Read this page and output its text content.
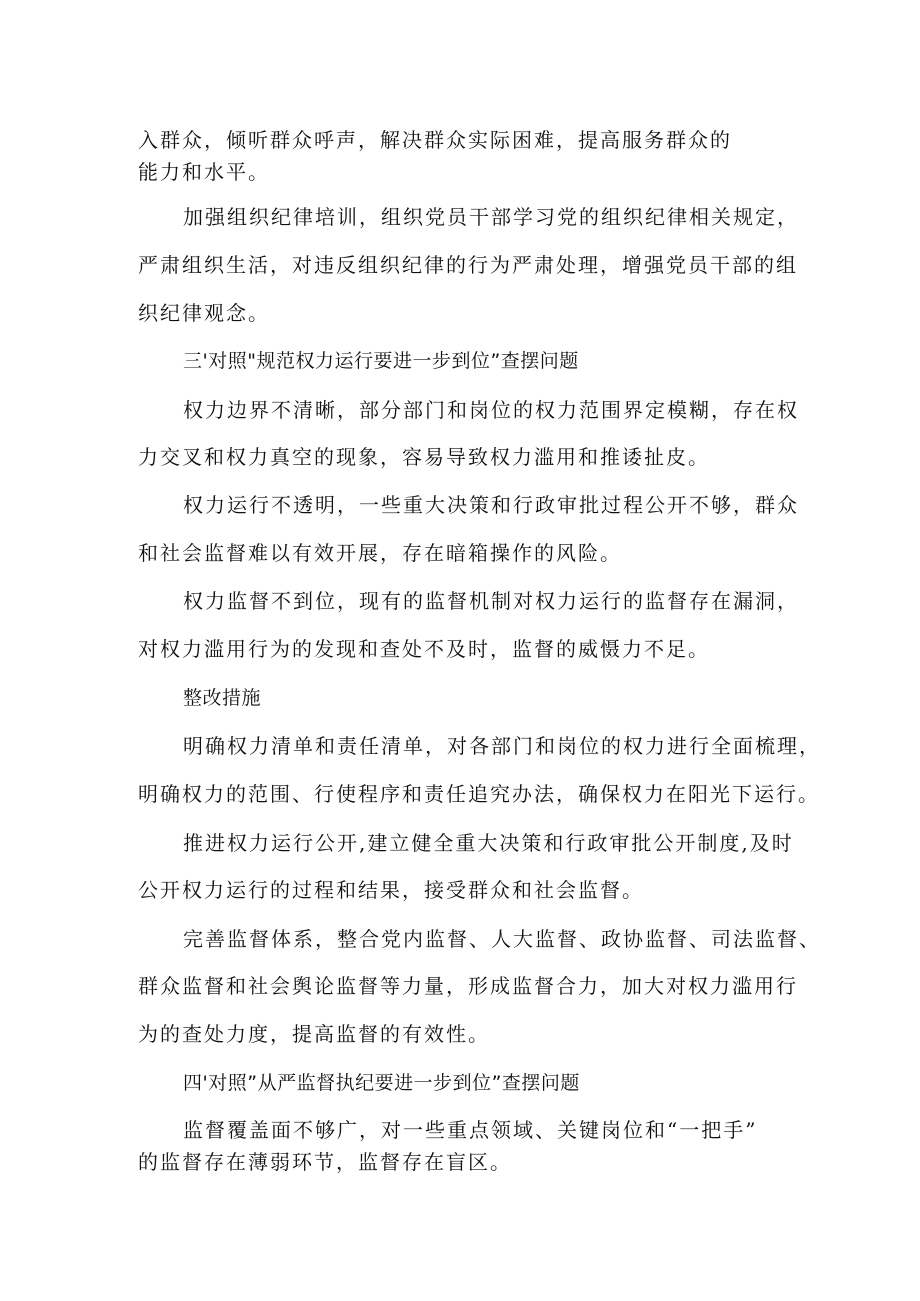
入群众，倾听群众呼声，解决群众实际困难，提高服务群众的
能力和水平。
加强组织纪律培训，组织党员干部学习党的组织纪律相关规定，
严肃组织生活，对违反组织纪律的行为严肃处理，增强党员干部的组
织纪律观念。
三'对照"规范权力运行要进一步到位”查摆问题
权力边界不清晰，部分部门和岗位的权力范围界定模糊，存在权
力交叉和权力真空的现象，容易导致权力滥用和推诿扯皮。
权力运行不透明，一些重大决策和行政审批过程公开不够，群众
和社会监督难以有效开展，存在暗箱操作的风险。
权力监督不到位，现有的监督机制对权力运行的监督存在漏洞，
对权力滥用行为的发现和查处不及时，监督的威慑力不足。
整改措施
明确权力清单和责任清单，对各部门和岗位的权力进行全面梳理，
明确权力的范围、行使程序和责任追究办法，确保权力在阳光下运行。
推进权力运行公开,建立健全重大决策和行政审批公开制度,及时
公开权力运行的过程和结果，接受群众和社会监督。
完善监督体系，整合党内监督、人大监督、政协监督、司法监督、
群众监督和社会舆论监督等力量，形成监督合力，加大对权力滥用行
为的查处力度，提高监督的有效性。
四'对照”从严监督执纪要进一步到位”查摆问题
监督覆盖面不够广，对一些重点领域、关键岗位和“一把手”
的监督存在薄弱环节，监督存在盲区。
